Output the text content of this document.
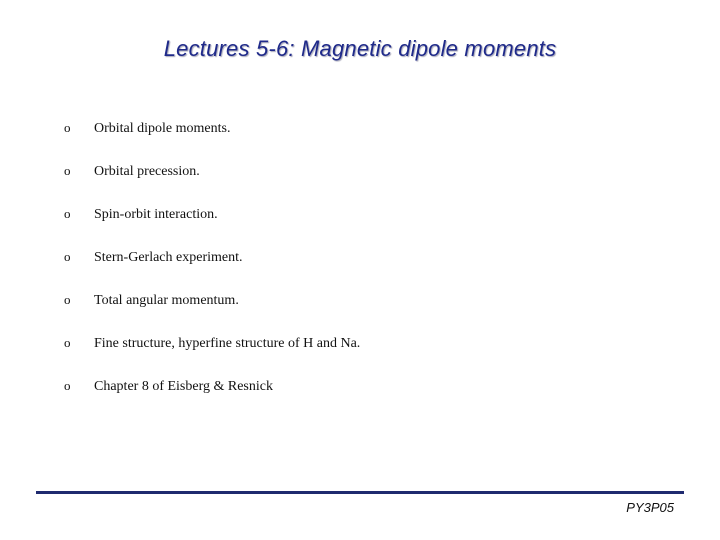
Lectures 5-6: Magnetic dipole moments
o Orbital dipole moments.
o Orbital precession.
o Spin-orbit interaction.
o Stern-Gerlach experiment.
o Total angular momentum.
o Fine structure, hyperfine structure of H and Na.
o Chapter 8 of Eisberg & Resnick
PY3P05
